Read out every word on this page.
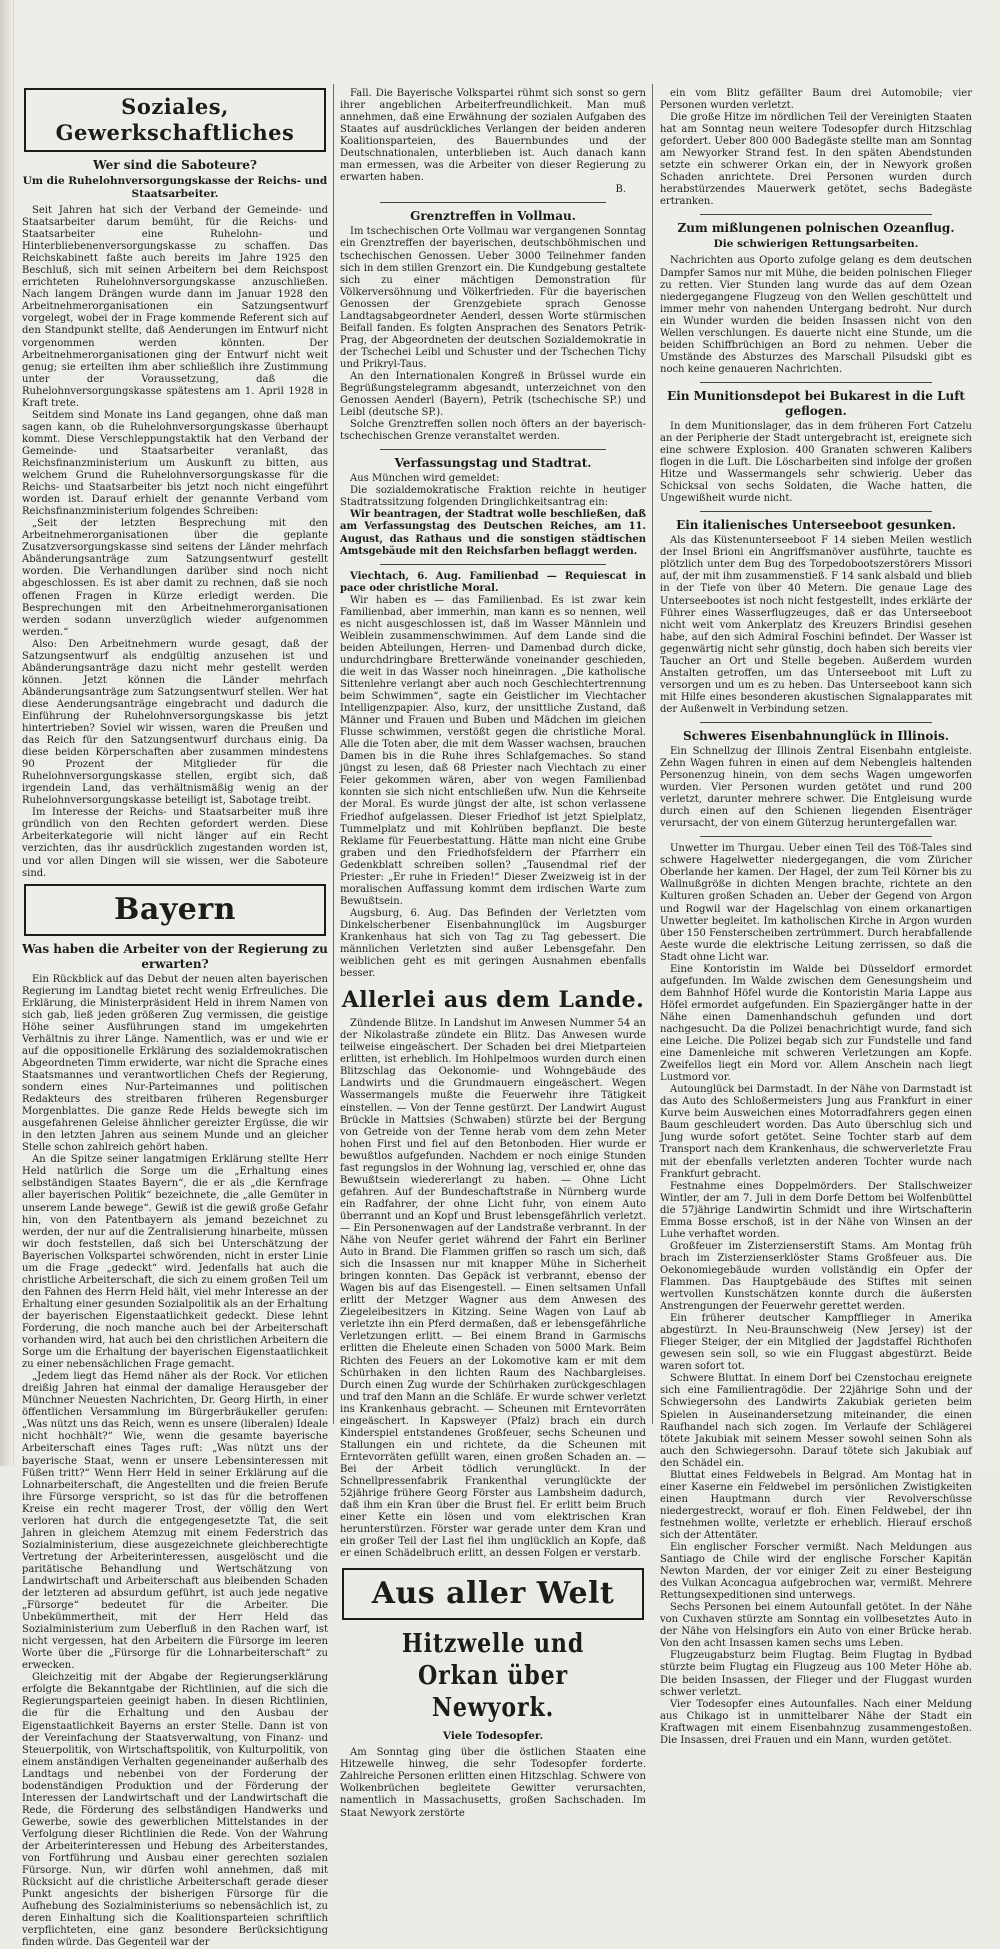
Soziales, Gewerkschaftliches
Wer sind die Saboteure?
Um die Ruhelohnversorgungskasse der Reichs- und Staatsarbeiter.

Seit Jahren hat sich der Verband der Gemeinde- und Staatsarbeiter darum bemüht, für die Reichs- und Staatsarbeiter eine Ruhelohn- und Hinterbliebenenversorgungskasse zu schaffen. Das Reichskabinett faßte auch bereits im Jahre 1925 den Beschluß, sich mit seinen Arbeitern bei dem Reichspost errichteten Ruhelohnversorgungskasse anzuschließen. Nach langem Drängen wurde dann im Januar 1928 den Arbeitnehmerorganisationen ein Satzungsentwurf vorgelegt, wobei der in Frage kommende Referent sich auf den Standpunkt stellte, daß Aenderungen im Entwurf nicht vorgenommen werden könnten. Der Arbeitnehmerorganisationen ging der Entwurf nicht weit genug; sie erteilten ihm aber schließlich ihre Zustimmung unter der Voraussetzung, daß die Ruhelohnversorgungskasse spätestens am 1. April 1928 in Kraft trete.

Seitdem sind Monate ins Land gegangen, ohne daß man sagen kann, ob die Ruhelohnversorgungskasse überhaupt kommt. Diese Verschleppungstaktik hat den Verband der Gemeinde- und Staatsarbeiter veranlaßt, das Reichsfinanzministerium um Auskunft zu bitten, aus welchem Grund die Ruhelohnversorgungskasse für die Reichs- und Staatsarbeiter bis jetzt noch nicht eingeführt worden ist. Darauf erhielt der genannte Verband vom Reichsfinanzministerium folgendes Schreiben:

„Seit der letzten Besprechung mit den Arbeitnehmerorganisationen über die geplante Zusatzversorgungskasse sind seitens der Länder mehrfach Abänderungsanträge zum Satzungsentwurf gestellt worden. Die Verhandlungen darüber sind noch nicht abgeschlossen. Es ist aber damit zu rechnen, daß sie noch offenen Fragen in Kürze erledigt werden. Die Besprechungen mit den Arbeitnehmerorganisationen werden sodann unverzüglich wieder aufgenommen werden.“

Also: Den Arbeitnehmern wurde gesagt, daß der Satzungsentwurf als endgültig anzusehen ist und Abänderungsanträge dazu nicht mehr gestellt werden können. Jetzt können die Länder mehrfach Abänderungsanträge zum Satzungsentwurf stellen. Wer hat diese Aenderungsanträge eingebracht und dadurch die Einführung der Ruhelohnversorgungskasse bis jetzt hintertrieben? Soviel wir wissen, waren die Preußen und das Reich für den Satzungsentwurf durchaus einig. Da diese beiden Körperschaften aber zusammen mindestens 90 Prozent der Mitglieder für die Ruhelohnversorgungskasse stellen, ergibt sich, daß irgendein Land, das verhältnismäßig wenig an der Ruhelohnversorgungskasse beteiligt ist, Sabotage treibt.

Im Interesse der Reichs- und Staatsarbeiter muß ihre gründlich von den Rechten gefordert werden. Diese Arbeiterkategorie will nicht länger auf ein Recht verzichten, das ihr ausdrücklich zugestanden worden ist, und vor allen Dingen will sie wissen, wer die Saboteure sind.

Bayern
Was haben die Arbeiter von der Regierung zu erwarten?

Ein Rückblick auf das Debut der neuen alten bayerischen Regierung im Landtag bietet recht wenig Erfreuliches. Die Erklärung, die Ministerpräsident Held in ihrem Namen von sich gab, ließ jeden größeren Zug vermissen, die geistige Höhe seiner Ausführungen stand im umgekehrten Verhältnis zu ihrer Länge. Namentlich, was er und wie er auf die oppositionelle Erklärung des sozialdemokratischen Abgeordneten Timm erwiderte, war nicht die Sprache eines Staatsmannes und verantwortlichen Chefs der Regierung, sondern eines Nur-Parteimannes und politischen Redakteurs des streitbaren früheren Regensburger Morgenblattes. Die ganze Rede Helds bewegte sich im ausgefahrenen Geleise ähnlicher gereizter Ergüsse, die wir in den letzten Jahren aus seinem Munde und an gleicher Stelle schon zahlreich gehört haben.

An die Spitze seiner langatmigen Erklärung stellte Herr Held natürlich die Sorge um die „Erhaltung eines selbständigen Staates Bayern“, die er als „die Kernfrage aller bayerischen Politik“ bezeichnete, die „alle Gemüter in unserem Lande bewege“. Gewiß ist die gewiß große Gefahr hin, von den Patentbayern als jemand bezeichnet zu werden, der nur auf die Zentralisierung hinarbeite, müssen wir doch feststellen, daß sich bei Unterschätzung der Bayerischen Volkspartei schwörenden, nicht in erster Linie um die Frage „gedeckt“ wird. Jedenfalls hat auch die christliche Arbeiterschaft, die sich zu einem großen Teil um den Fahnen des Herrn Held hält, viel mehr Interesse an der Erhaltung einer gesunden Sozialpolitik als an der Erhaltung der bayerischen Eigenstaatlichkeit gedeckt. Diese lehnt Forderung, die noch manche auch bei der Arbeiterschaft vorhanden wird, hat auch bei den christlichen Arbeitern die Sorge um die Erhaltung der bayerischen Eigenstaatlichkeit zu einer nebensächlichen Frage gemacht.

„Jedem liegt das Hemd näher als der Rock. Vor etlichen dreißig Jahren hat einmal der damalige Herausgeber der Münchner Neuesten Nachrichten, Dr. Georg Hirth, in einer öffentlichen Versammlung im Bürgerbräukeller gerufen: „Was nützt uns das Reich, wenn es unsere (liberalen) Ideale nicht hochhält?“ Wie, wenn die gesamte bayerische Arbeiterschaft eines Tages ruft: „Was nützt uns der bayerische Staat, wenn er unsere Lebensinteressen mit Füßen tritt?“ Wenn Herr Held in seiner Erklärung auf die Lohnarbeiterschaft, die Angestellten und die freien Berufe ihre Fürsorge verspricht, so ist das für die betroffenen Kreise ein recht magerer Trost, der völlig den Wert verloren hat durch die entgegengesetzte Tat, die seit Jahren in gleichem Atemzug mit einem Federstrich das Sozialministerium, diese ausgezeichnete gleichberechtigte Vertretung der Arbeiterinteressen, ausgelöscht und die paritätische Behandlung und Wertschätzung von Landwirtschaft und Arbeiterschaft aus bleibenden Schaden der letzteren ad absurdum geführt, ist auch jede negative „Fürsorge“ bedeutet für die Arbeiter. Die Unbekümmertheit, mit der Herr Held das Sozialministerium zum Ueberfluß in den Rachen warf, ist nicht vergessen, hat den Arbeitern die Fürsorge im leeren Worte über die „Fürsorge für die Lohnarbeiterschaft“ zu erwecken.

Gleichzeitig mit der Abgabe der Regierungserklärung erfolgte die Bekanntgabe der Richtlinien, auf die sich die Regierungsparteien geeinigt haben. In diesen Richtlinien, die für die Erhaltung und den Ausbau der Eigenstaatlichkeit Bayerns an erster Stelle. Dann ist von der Vereinfachung der Staatsverwaltung, von Finanz- und Steuerpolitik, von Wirtschaftspolitik, von Kulturpolitik, von einem anständigen Verhalten gegeneinander außerhalb des Landtags und nebenbei von der Forderung der bodenständigen Produktion und der Förderung der Interessen der Landwirtschaft und der Landwirtschaft die Rede, die Förderung des selbständigen Handwerks und Gewerbe, sowie des gewerblichen Mittelstandes in der Verfolgung dieser Richtlinien die Rede. Von der Wahrung der Arbeiterinteressen und Hebung des Arbeiterstandes, von Fortführung und Ausbau einer gerechten sozialen Fürsorge. Nun, wir dürfen wohl annehmen, daß mit Rücksicht auf die christliche Arbeiterschaft gerade dieser Punkt angesichts der bisherigen Fürsorge für die Aufhebung des Sozialministeriums so nebensächlich ist, zu deren Einhaltung sich die Koalitionsparteien schriftlich verpflichteten, eine ganz besondere Berücksichtigung finden würde. Das Gegenteil war der

Fall. Die Bayerische Volkspartei rühmt sich sonst so gern ihrer angeblichen Arbeiterfreundlichkeit. Man muß annehmen, daß eine Erwähnung der sozialen Aufgaben des Staates auf ausdrückliches Verlangen der beiden anderen Koalitionsparteien, des Bauernbundes und der Deutschnationalen, unterblieben ist. Auch danach kann man ermessen, was die Arbeiter von dieser Regierung zu erwarten haben.

B.

Grenztreffen in Vollmau.

Im tschechischen Orte Vollmau war vergangenen Sonntag ein Grenztreffen der bayerischen, deutschböhmischen und tschechischen Genossen. Ueber 3000 Teilnehmer fanden sich in dem stillen Grenzort ein. Die Kundgebung gestaltete sich zu einer mächtigen Demonstration für Völkerversöhnung und Völkerfrieden. Für die bayerischen Genossen der Grenzgebiete sprach Genosse Landtagsabgeordneter Aenderl, dessen Worte stürmischen Beifall fanden. Es folgten Ansprachen des Senators Petrik-Prag, der Abgeordneten der deutschen Sozialdemokratie in der Tschechei Leibl und Schuster und der Tschechen Tichy und Prikryl-Taus.

An den Internationalen Kongreß in Brüssel wurde ein Begrüßungstelegramm abgesandt, unterzeichnet von den Genossen Aenderl (Bayern), Petrik (tschechische SP.) und Leibl (deutsche SP.).

Solche Grenztreffen sollen noch öfters an der bayerisch-tschechischen Grenze veranstaltet werden.

Verfassungstag und Stadtrat.

Aus München wird gemeldet:

Die sozialdemokratische Fraktion reichte in heutiger Stadtratssitzung folgenden Dringlichkeitsantrag ein:

Wir beantragen, der Stadtrat wolle beschließen, daß am Verfassungstag des Deutschen Reiches, am 11. August, das Rathaus und die sonstigen städtischen Amtsgebäude mit den Reichsfarben beflaggt werden.

Viechtach, 6. Aug. Familienbad — Requiescat in pace oder christliche Moral.

Wir haben es — das Familienbad. Es ist zwar kein Familienbad, aber immerhin, man kann es so nennen, weil es nicht ausgeschlossen ist, daß im Wasser Männlein und Weiblein zusammenschwimmen. Auf dem Lande sind die beiden Abteilungen, Herren- und Damenbad durch dicke, undurchdringbare Bretterwände voneinander geschieden, die weit in das Wasser noch hineinragen. „Die katholische Sittenlehre verlangt aber auch noch Geschlechtertrennung beim Schwimmen“, sagte ein Geistlicher im Viechtacher Intelligenzpapier. Also, kurz, der unsittliche Zustand, daß Männer und Frauen und Buben und Mädchen im gleichen Flusse schwimmen, verstößt gegen die christliche Moral. Alle die Toten aber, die mit dem Wasser wachsen, brauchen Damen bis in die Ruhe ihres Schlafgemaches. So stand jüngst zu lesen, daß 68 Priester nach Viechtach zu einer Feier gekommen wären, aber von wegen Familienbad konnten sie sich nicht entschließen ufw. Nun die Kehrseite der Moral. Es wurde jüngst der alte, ist schon verlassene Friedhof aufgelassen. Dieser Friedhof ist jetzt Spielplatz, Tummelplatz und mit Kohlrüben bepflanzt. Die beste Reklame für Feuerbestattung. Hätte man nicht eine Grube graben und den Friedhofsfeldern der Pfarrherr ein Gedenkblatt schreiben sollen? „Tausendmal rief der Priester: „Er ruhe in Frieden!“ Dieser Zweizweig ist in der moralischen Auffassung kommt dem irdischen Warte zum Bewußtsein.

Augsburg, 6. Aug. Das Befinden der Verletzten vom Dinkelscherbener Eisenbahnunglück im Augsburger Krankenhaus hat sich von Tag zu Tag gebessert. Die männlichen Verletzten sind außer Lebensgefahr. Den weiblichen geht es mit geringen Ausnahmen ebenfalls besser.

Allerlei aus dem Lande.

Zündende Blitze. In Landshut im Anwesen Nummer 54 an der Nikolastraße zündete ein Blitz. Das Anwesen wurde teilweise eingeäschert. Der Schaden bei drei Mietparteien erlitten, ist erheblich. Im Hohlpelmoos wurden durch einen Blitzschlag das Oekonomie- und Wohngebäude des Landwirts und die Grundmauern eingeäschert. Wegen Wassermangels mußte die Feuerwehr ihre Tätigkeit einstellen. — Von der Tenne gestürzt. Der Landwirt August Brückle in Mattsies (Schwaben) stürzte bei der Bergung von Getreide von der Tenne herab vom dem zehn Meter hohen First und fiel auf den Betonboden. Hier wurde er bewußtlos aufgefunden. Nachdem er noch einige Stunden fast regungslos in der Wohnung lag, verschied er, ohne das Bewußtsein wiedererlangt zu haben. — Ohne Licht gefahren. Auf der Bundeschaftstraße in Nürnberg wurde ein Radfahrer, der ohne Licht fuhr, von einem Auto überrannt und an Kopf und Brust lebensgefährlich verletzt. — Ein Personenwagen auf der Landstraße verbrannt. In der Nähe von Neufer geriet während der Fahrt ein Berliner Auto in Brand. Die Flammen griffen so rasch um sich, daß sich die Insassen nur mit knapper Mühe in Sicherheit bringen konnten. Das Gepäck ist verbrannt, ebenso der Wagen bis auf das Eisengestell. — Einen seltsamen Unfall erlitt der Metzger Wagner aus dem Anwesen des Ziegeleibesitzers in Kitzing. Seine Wagen von Lauf ab verletzte ihn ein Pferd dermaßen, daß er lebensgefährliche Verletzungen erlitt. — Bei einem Brand in Garmischs erlitten die Eheleute einen Schaden von 5000 Mark. Beim Richten des Feuers an der Lokomotive kam er mit dem Schürhaken in den lichten Raum des Nachbargleises. Durch einen Zug wurde der Schürhaken zurückgeschlagen und traf den Mann an die Schläfe. Er wurde schwer verletzt ins Krankenhaus gebracht. — Scheunen mit Erntevorräten eingeäschert. In Kapsweyer (Pfalz) brach ein durch Kinderspiel entstandenes Großfeuer, sechs Scheunen und Stallungen ein und richtete, da die Scheunen mit Erntevorräten gefüllt waren, einen großen Schaden an. — Bei der Arbeit tödlich verunglückt. In der Schnellpressenfabrik Frankenthal verunglückte der 52jährige frühere Georg Förster aus Lambsheim dadurch, daß ihm ein Kran über die Brust fiel. Er erlitt beim Bruch einer Kette ein lösen und vom elektrischen Kran herunterstürzen. Förster war gerade unter dem Kran und ein großer Teil der Last fiel ihm unglücklich an Kopfe, daß er einen Schädelbruch erlitt, an dessen Folgen er verstarb.

Aus aller Welt
Hitzwelle und Orkan über Newyork.
Viele Todesopfer.

Am Sonntag ging über die östlichen Staaten eine Hitzewelle hinweg, die sehr Todesopfer forderte. Zahlreiche Personen erlitten einen Hitzschlag. Schwere von Wolkenbrüchen begleitete Gewitter verursachten, namentlich in Massachusetts, großen Sachschaden. Im Staat Newyork zerstörte

ein vom Blitz gefällter Baum drei Automobile; vier Personen wurden verletzt.

Die große Hitze im nördlichen Teil der Vereinigten Staaten hat am Sonntag neun weitere Todesopfer durch Hitzschlag gefordert. Ueber 800 000 Badegäste stellte man am Sonntag am Newyorker Strand fest. In den späten Abendstunden setzte ein schwerer Orkan ein, der in Newyork großen Schaden anrichtete. Drei Personen wurden durch herabstürzendes Mauerwerk getötet, sechs Badegäste ertranken.

Zum mißlungenen polnischen Ozeanflug.
Die schwierigen Rettungsarbeiten.

Nachrichten aus Oporto zufolge gelang es dem deutschen Dampfer Samos nur mit Mühe, die beiden polnischen Flieger zu retten. Vier Stunden lang wurde das auf dem Ozean niedergegangene Flugzeug von den Wellen geschüttelt und immer mehr von nahenden Untergang bedroht. Nur durch ein Wunder wurden die beiden Insassen nicht von den Wellen verschlungen. Es dauerte nicht eine Stunde, um die beiden Schiffbrüchigen an Bord zu nehmen. Ueber die Umstände des Absturzes des Marschall Pilsudski gibt es noch keine genaueren Nachrichten.

Ein Munitionsdepot bei Bukarest in die Luft geflogen.

In dem Munitionslager, das in dem früheren Fort Catzelu an der Peripherie der Stadt untergebracht ist, ereignete sich eine schwere Explosion. 400 Granaten schweren Kalibers flogen in die Luft. Die Löscharbeiten sind infolge der großen Hitze und Wassermangels sehr schwierig. Ueber das Schicksal von sechs Soldaten, die Wache hatten, die Ungewißheit wurde nicht.

Ein italienisches Unterseeboot gesunken.

Als das Küstenunterseeboot F 14 sieben Meilen westlich der Insel Brioni ein Angriffsmanöver ausführte, tauchte es plötzlich unter dem Bug des Torpedobootszerstörers Missori auf, der mit ihm zusammenstieß. F 14 sank alsbald und blieb in der Tiefe von über 40 Metern. Die genaue Lage des Unterseebootes ist noch nicht festgestellt, indes erklärte der Führer eines Wasserflugzeuges, daß er das Unterseeboot nicht weit vom Ankerplatz des Kreuzers Brindisi gesehen habe, auf den sich Admiral Foschini befindet. Der Wasser ist gegenwärtig nicht sehr günstig, doch haben sich bereits vier Taucher an Ort und Stelle begeben. Außerdem wurden Anstalten getroffen, um das Unterseeboot mit Luft zu versorgen und um es zu heben. Das Unterseeboot kann sich mit Hilfe eines besonderen akustischen Signalapparates mit der Außenwelt in Verbindung setzen.

Schweres Eisenbahnunglück in Illinois.

Ein Schnellzug der Illinois Zentral Eisenbahn entgleiste. Zehn Wagen fuhren in einen auf dem Nebengleis haltenden Personenzug hinein, von dem sechs Wagen umgeworfen wurden. Vier Personen wurden getötet und rund 200 verletzt, darunter mehrere schwer. Die Entgleisung wurde durch einen auf den Schienen liegenden Eisenträger verursacht, der von einem Güterzug heruntergefallen war.

Unwetter im Thurgau. Ueber einen Teil des Töß-Tales sind schwere Hagelwetter niedergegangen, die vom Züricher Oberlande her kamen. Der Hagel, der zum Teil Körner bis zu Wallnußgröße in dichten Mengen brachte, richtete an den Kulturen großen Schaden an. Ueber der Gegend von Argon und Rogwil war der Hagelschlag von einem orkanartigen Unwetter begleitet. Im katholischen Kirche in Argon wurden über 150 Fensterscheiben zertrümmert. Durch herabfallende Aeste wurde die elektrische Leitung zerrissen, so daß die Stadt ohne Licht war.

Eine Kontoristin im Walde bei Düsseldorf ermordet aufgefunden. Im Walde zwischen dem Genesungsheim und dem Bahnhof Höfel wurde die Kontoristin Maria Lappe aus Höfel ermordet aufgefunden. Ein Spaziergänger hatte in der Nähe einen Damenhandschuh gefunden und dort nachgesucht. Da die Polizei benachrichtigt wurde, fand sich eine Leiche. Die Polizei begab sich zur Fundstelle und fand eine Damenleiche mit schweren Verletzungen am Kopfe. Zweifellos liegt ein Mord vor. Allem Anschein nach liegt Lustmord vor.

Autounglück bei Darmstadt. In der Nähe von Darmstadt ist das Auto des Schloßermeisters Jung aus Frankfurt in einer Kurve beim Ausweichen eines Motorradfahrers gegen einen Baum geschleudert worden. Das Auto überschlug sich und Jung wurde sofort getötet. Seine Tochter starb auf dem Transport nach dem Krankenhaus, die schwerverletzte Frau mit der ebenfalls verletzten anderen Tochter wurde nach Frankfurt gebracht.

Festnahme eines Doppelmörders. Der Stallschweizer Wintler, der am 7. Juli in dem Dorfe Dettom bei Wolfenbüttel die 57jährige Landwirtin Schmidt und ihre Wirtschafterin Emma Bosse erschoß, ist in der Nähe von Winsen an der Luhe verhaftet worden.

Großfeuer im Zisterzienserstift Stams. Am Montag früh brach im Zisterzienserklöster Stams Großfeuer aus. Die Oekonomiegebäude wurden vollständig ein Opfer der Flammen. Das Hauptgebäude des Stiftes mit seinen wertvollen Kunstschätzen konnte durch die äußersten Anstrengungen der Feuerwehr gerettet werden.

Ein früherer deutscher Kampfflieger in Amerika abgestürzt. In Neu-Braunschweig (New Jersey) ist der Flieger Steiger, der ein Mitglied der Jagdstaffel Richthofen gewesen sein soll, so wie ein Fluggast abgestürzt. Beide waren sofort tot.

Schwere Bluttat. In einem Dorf bei Czenstochau ereignete sich eine Familientragödie. Der 22jährige Sohn und der Schwiegersohn des Landwirts Zakubiak gerieten beim Spielen in Auseinandersetzung miteinander, die einen Raufhandel nach sich zogen. Im Verlaufe der Schlägerei tötete Jakubiak mit seinem Messer sowohl seinen Sohn als auch den Schwiegersohn. Darauf tötete sich Jakubiak auf den Schädel ein.

Bluttat eines Feldwebels in Belgrad. Am Montag hat in einer Kaserne ein Feldwebel im persönlichen Zwistigkeiten einen Hauptmann durch vier Revolverschüsse niedergestreckt, worauf er floh. Einen Feldwebel, der ihn festnehmen wollte, verletzte er erheblich. Hierauf erschoß sich der Attentäter.

Ein englischer Forscher vermißt. Nach Meldungen aus Santiago de Chile wird der englische Forscher Kapitän Newton Marden, der vor einiger Zeit zu einer Besteigung des Vulkan Aconcagua aufgebrochen war, vermißt. Mehrere Rettungsexpeditionen sind unterwegs.

Sechs Personen bei einem Autounfall getötet. In der Nähe von Cuxhaven stürzte am Sonntag ein vollbesetztes Auto in der Nähe von Helsingfors ein Auto von einer Brücke herab. Von den acht Insassen kamen sechs ums Leben.

Flugzeugabsturz beim Flugtag. Beim Flugtag in Bydbad stürzte beim Flugtag ein Flugzeug aus 100 Meter Höhe ab. Die beiden Insassen, der Flieger und der Fluggast wurden schwer verletzt.

Vier Todesopfer eines Autounfalles. Nach einer Meldung aus Chikago ist in unmittelbarer Nähe der Stadt ein Kraftwagen mit einem Eisenbahnzug zusammengestoßen. Die Insassen, drei Frauen und ein Mann, wurden getötet.
